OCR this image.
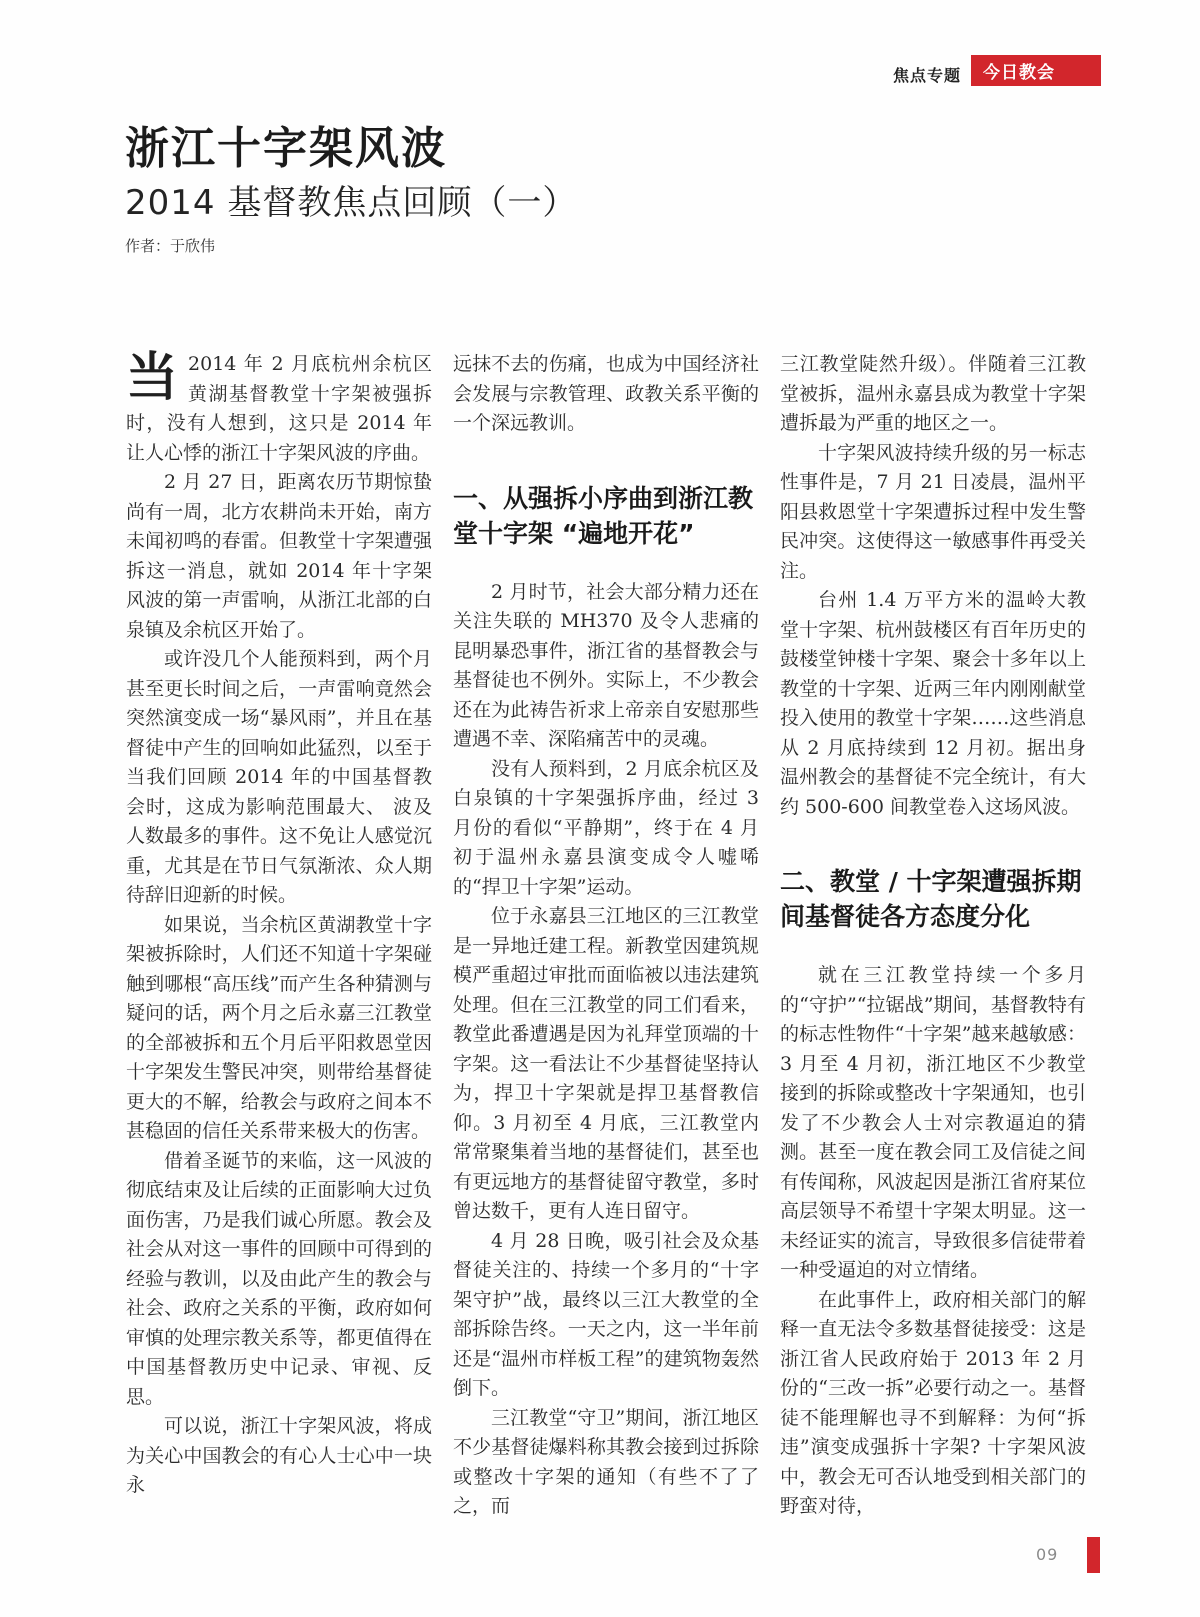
焦点专题	今日教会
浙江十字架风波
2014 基督教焦点回顾（一）
作者：于欣伟

当 2014 年 2 月底杭州余杭区黄湖基督教堂十字架被强拆时，没有人想到，这只是 2014 年让人心悸的浙江十字架风波的序曲。

2 月 27 日，距离农历节期惊蛰尚有一周，北方农耕尚未开始，南方未闻初鸣的春雷。但教堂十字架遭强拆这一消息，就如 2014 年十字架风波的第一声雷响，从浙江北部的白泉镇及余杭区开始了。

或许没几个人能预料到，两个月甚至更长时间之后，一声雷响竟然会突然演变成一场“暴风雨”，并且在基督徒中产生的回响如此猛烈，以至于当我们回顾 2014 年的中国基督教会时，这成为影响范围最大、 波及人数最多的事件。这不免让人感觉沉重，尤其是在节日气氛渐浓、众人期待辞旧迎新的时候。

如果说，当余杭区黄湖教堂十字架被拆除时，人们还不知道十字架碰触到哪根“高压线”而产生各种猜测与疑问的话，两个月之后永嘉三江教堂的全部被拆和五个月后平阳救恩堂因十字架发生警民冲突，则带给基督徒更大的不解，给教会与政府之间本不甚稳固的信任关系带来极大的伤害。

借着圣诞节的来临，这一风波的彻底结束及让后续的正面影响大过负面伤害，乃是我们诚心所愿。教会及社会从对这一事件的回顾中可得到的经验与教训，以及由此产生的教会与社会、政府之关系的平衡，政府如何审慎的处理宗教关系等，都更值得在中国基督教历史中记录、审视、反思。

可以说，浙江十字架风波，将成为关心中国教会的有心人士心中一块永

远抹不去的伤痛，也成为中国经济社会发展与宗教管理、政教关系平衡的一个深远教训。

一、从强拆小序曲到浙江教堂十字架 “遍地开花”

2 月时节，社会大部分精力还在关注失联的 MH370 及令人悲痛的昆明暴恐事件，浙江省的基督教会与基督徒也不例外。实际上，不少教会还在为此祷告祈求上帝亲自安慰那些遭遇不幸、深陷痛苦中的灵魂。

没有人预料到，2 月底余杭区及白泉镇的十字架强拆序曲，经过 3 月份的看似“平静期”，终于在 4 月初于温州永嘉县演变成令人嘘唏的“捍卫十字架”运动。

位于永嘉县三江地区的三江教堂是一异地迁建工程。新教堂因建筑规模严重超过审批而面临被以违法建筑处理。但在三江教堂的同工们看来，教堂此番遭遇是因为礼拜堂顶端的十字架。这一看法让不少基督徒坚持认为，捍卫十字架就是捍卫基督教信仰。3 月初至 4 月底，三江教堂内常常聚集着当地的基督徒们，甚至也有更远地方的基督徒留守教堂，多时曾达数千，更有人连日留守。

4 月 28 日晚，吸引社会及众基督徒关注的、持续一个多月的“十字架守护”战，最终以三江大教堂的全部拆除告终。一天之内，这一半年前还是“温州市样板工程”的建筑物轰然倒下。

三江教堂“守卫”期间，浙江地区不少基督徒爆料称其教会接到过拆除或整改十字架的通知（有些不了了之，而

三江教堂陡然升级）。伴随着三江教堂被拆，温州永嘉县成为教堂十字架遭拆最为严重的地区之一。

十字架风波持续升级的另一标志性事件是，7 月 21 日凌晨，温州平阳县救恩堂十字架遭拆过程中发生警民冲突。这使得这一敏感事件再受关注。

台州 1.4 万平方米的温岭大教堂十字架、杭州鼓楼区有百年历史的鼓楼堂钟楼十字架、聚会十多年以上教堂的十字架、近两三年内刚刚献堂投入使用的教堂十字架……这些消息从 2 月底持续到 12 月初。据出身温州教会的基督徒不完全统计，有大约 500-600 间教堂卷入这场风波。

二、教堂 / 十字架遭强拆期间基督徒各方态度分化

就在三江教堂持续一个多月的“守护”“拉锯战”期间，基督教特有的标志性物件“十字架”越来越敏感：3 月至 4 月初，浙江地区不少教堂接到的拆除或整改十字架通知，也引发了不少教会人士对宗教逼迫的猜测。甚至一度在教会同工及信徒之间有传闻称，风波起因是浙江省府某位高层领导不希望十字架太明显。这一未经证实的流言，导致很多信徒带着一种受逼迫的对立情绪。

在此事件上，政府相关部门的解释一直无法令多数基督徒接受：这是浙江省人民政府始于 2013 年 2 月份的“三改一拆”必要行动之一。基督徒不能理解也寻不到解释：为何“拆违”演变成强拆十字架? 十字架风波中，教会无可否认地受到相关部门的野蛮对待，

09
